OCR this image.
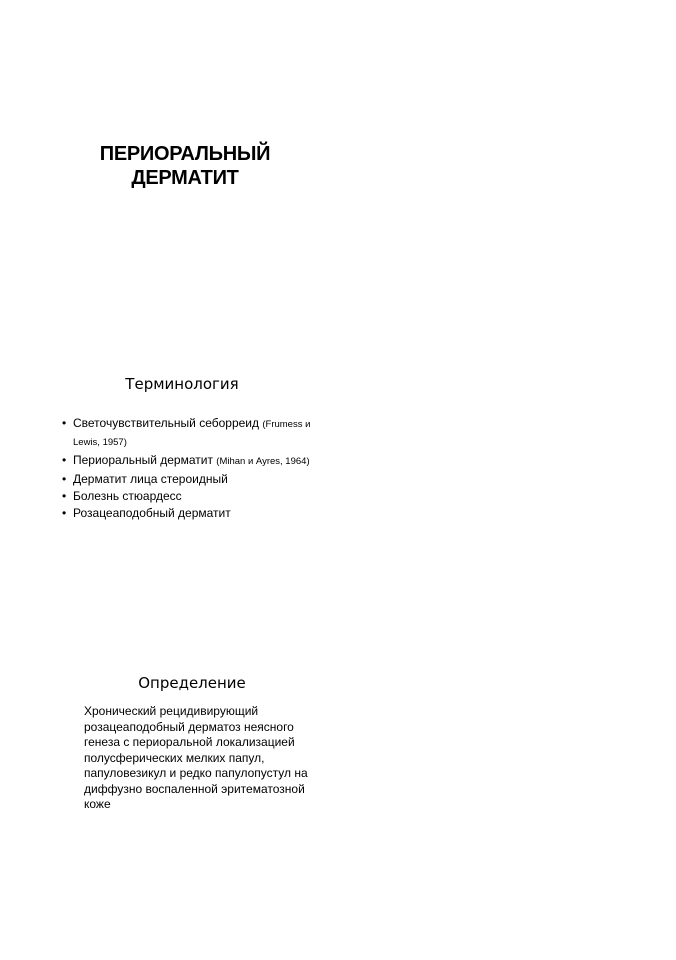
ПЕРИОРАЛЬНЫЙ
ДЕРМАТИТ
Терминология
• Светочувствительный себорреид (Frumess и Lewis, 1957)
• Периоральный дерматит (Mihan и Ayres, 1964)
• Дерматит лица стероидный
• Болезнь стюардесс
• Розацеаподобный дерматит
Определение

Хронический рецидивирующий розацеаподобный дерматоз неясного генеза с периоральной локализацией полусферических мелких папул, папуловезикул и редко папулопустул на диффузно воспаленной эритематозной коже
